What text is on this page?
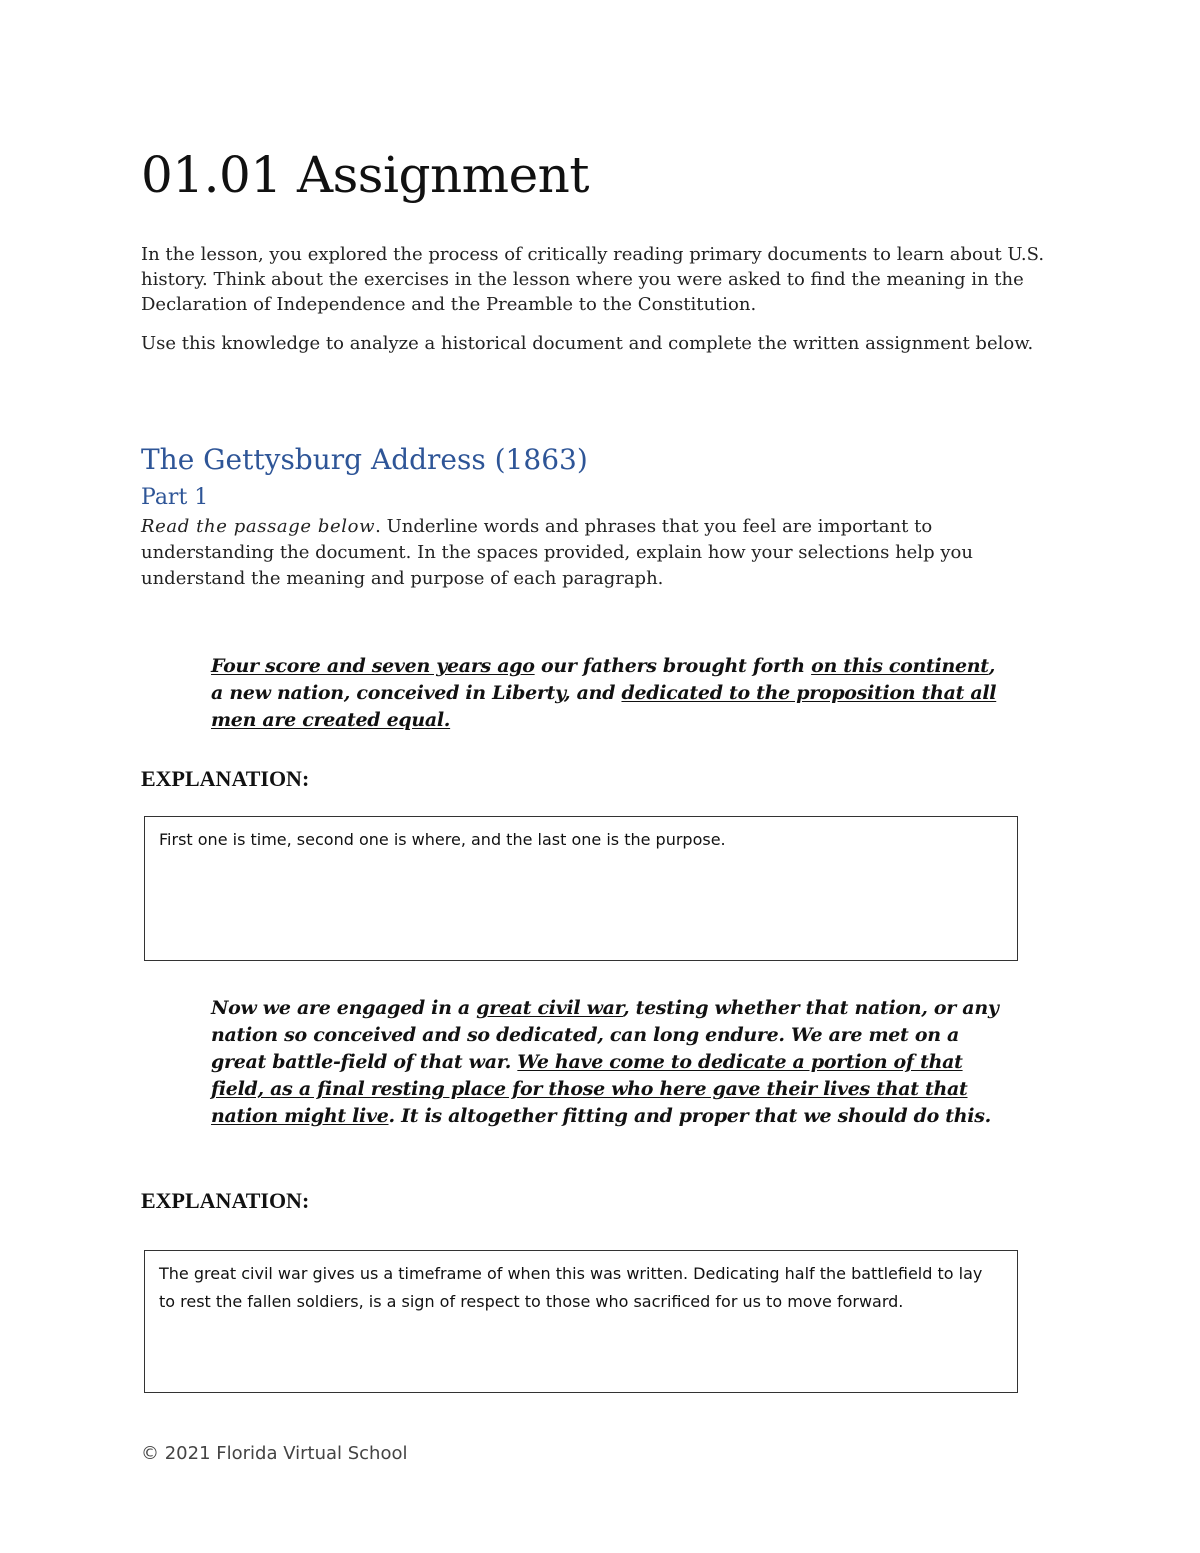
01.01 Assignment

In the lesson, you explored the process of critically reading primary documents to learn about U.S. history. Think about the exercises in the lesson where you were asked to find the meaning in the Declaration of Independence and the Preamble to the Constitution.

Use this knowledge to analyze a historical document and complete the written assignment below.

The Gettysburg Address (1863)
Part 1

Read the passage below. Underline words and phrases that you feel are important to understanding the document. In the spaces provided, explain how your selections help you understand the meaning and purpose of each paragraph.

Four score and seven years ago our fathers brought forth on this continent, a new nation, conceived in Liberty, and dedicated to the proposition that all men are created equal.

EXPLANATION:
First one is time, second one is where, and the last one is the purpose.

Now we are engaged in a great civil war, testing whether that nation, or any nation so conceived and so dedicated, can long endure. We are met on a great battle-field of that war. We have come to dedicate a portion of that field, as a final resting place for those who here gave their lives that that nation might live. It is altogether fitting and proper that we should do this.

EXPLANATION:
The great civil war gives us a timeframe of when this was written. Dedicating half the battlefield to lay to rest the fallen soldiers, is a sign of respect to those who sacrificed for us to move forward.
© 2021 Florida Virtual School
